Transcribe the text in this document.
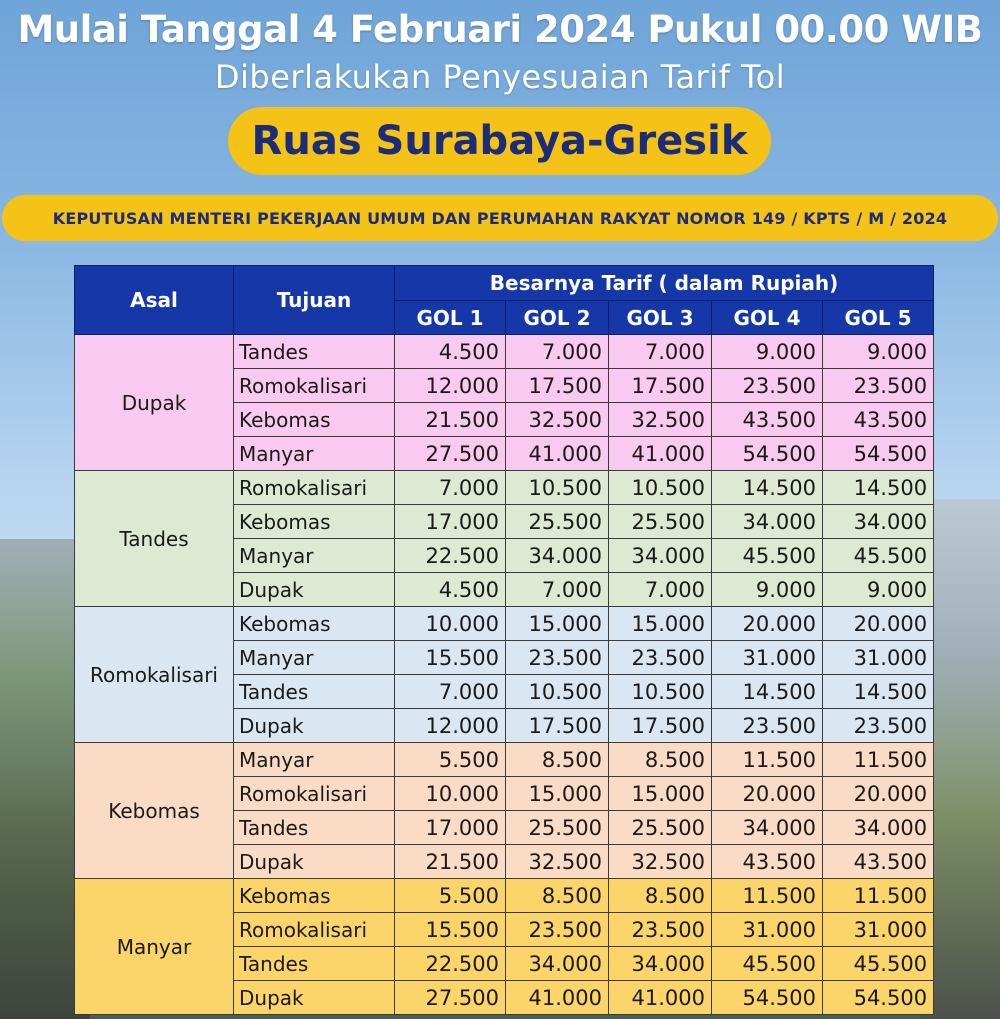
Mulai Tanggal 4 Februari 2024 Pukul 00.00 WIB
Diberlakukan Penyesuaian Tarif Tol
Ruas Surabaya-Gresik
KEPUTUSAN MENTERI PEKERJAAN UMUM DAN PERUMAHAN RAKYAT NOMOR 149 / KPTS / M / 2024
Asal	Tujuan	Besarnya Tarif ( dalam Rupiah)				
		GOL 1	GOL 2	GOL 3	GOL 4	GOL 5
Dupak	Tandes	4.500	7.000	7.000	9.000	9.000
	Romokalisari	12.000	17.500	17.500	23.500	23.500
	Kebomas	21.500	32.500	32.500	43.500	43.500
	Manyar	27.500	41.000	41.000	54.500	54.500
Tandes	Romokalisari	7.000	10.500	10.500	14.500	14.500
	Kebomas	17.000	25.500	25.500	34.000	34.000
	Manyar	22.500	34.000	34.000	45.500	45.500
	Dupak	4.500	7.000	7.000	9.000	9.000
Romokalisari	Kebomas	10.000	15.000	15.000	20.000	20.000
	Manyar	15.500	23.500	23.500	31.000	31.000
	Tandes	7.000	10.500	10.500	14.500	14.500
	Dupak	12.000	17.500	17.500	23.500	23.500
Kebomas	Manyar	5.500	8.500	8.500	11.500	11.500
	Romokalisari	10.000	15.000	15.000	20.000	20.000
	Tandes	17.000	25.500	25.500	34.000	34.000
	Dupak	21.500	32.500	32.500	43.500	43.500
Manyar	Kebomas	5.500	8.500	8.500	11.500	11.500
	Romokalisari	15.500	23.500	23.500	31.000	31.000
	Tandes	22.500	34.000	34.000	45.500	45.500
	Dupak	27.500	41.000	41.000	54.500	54.500
